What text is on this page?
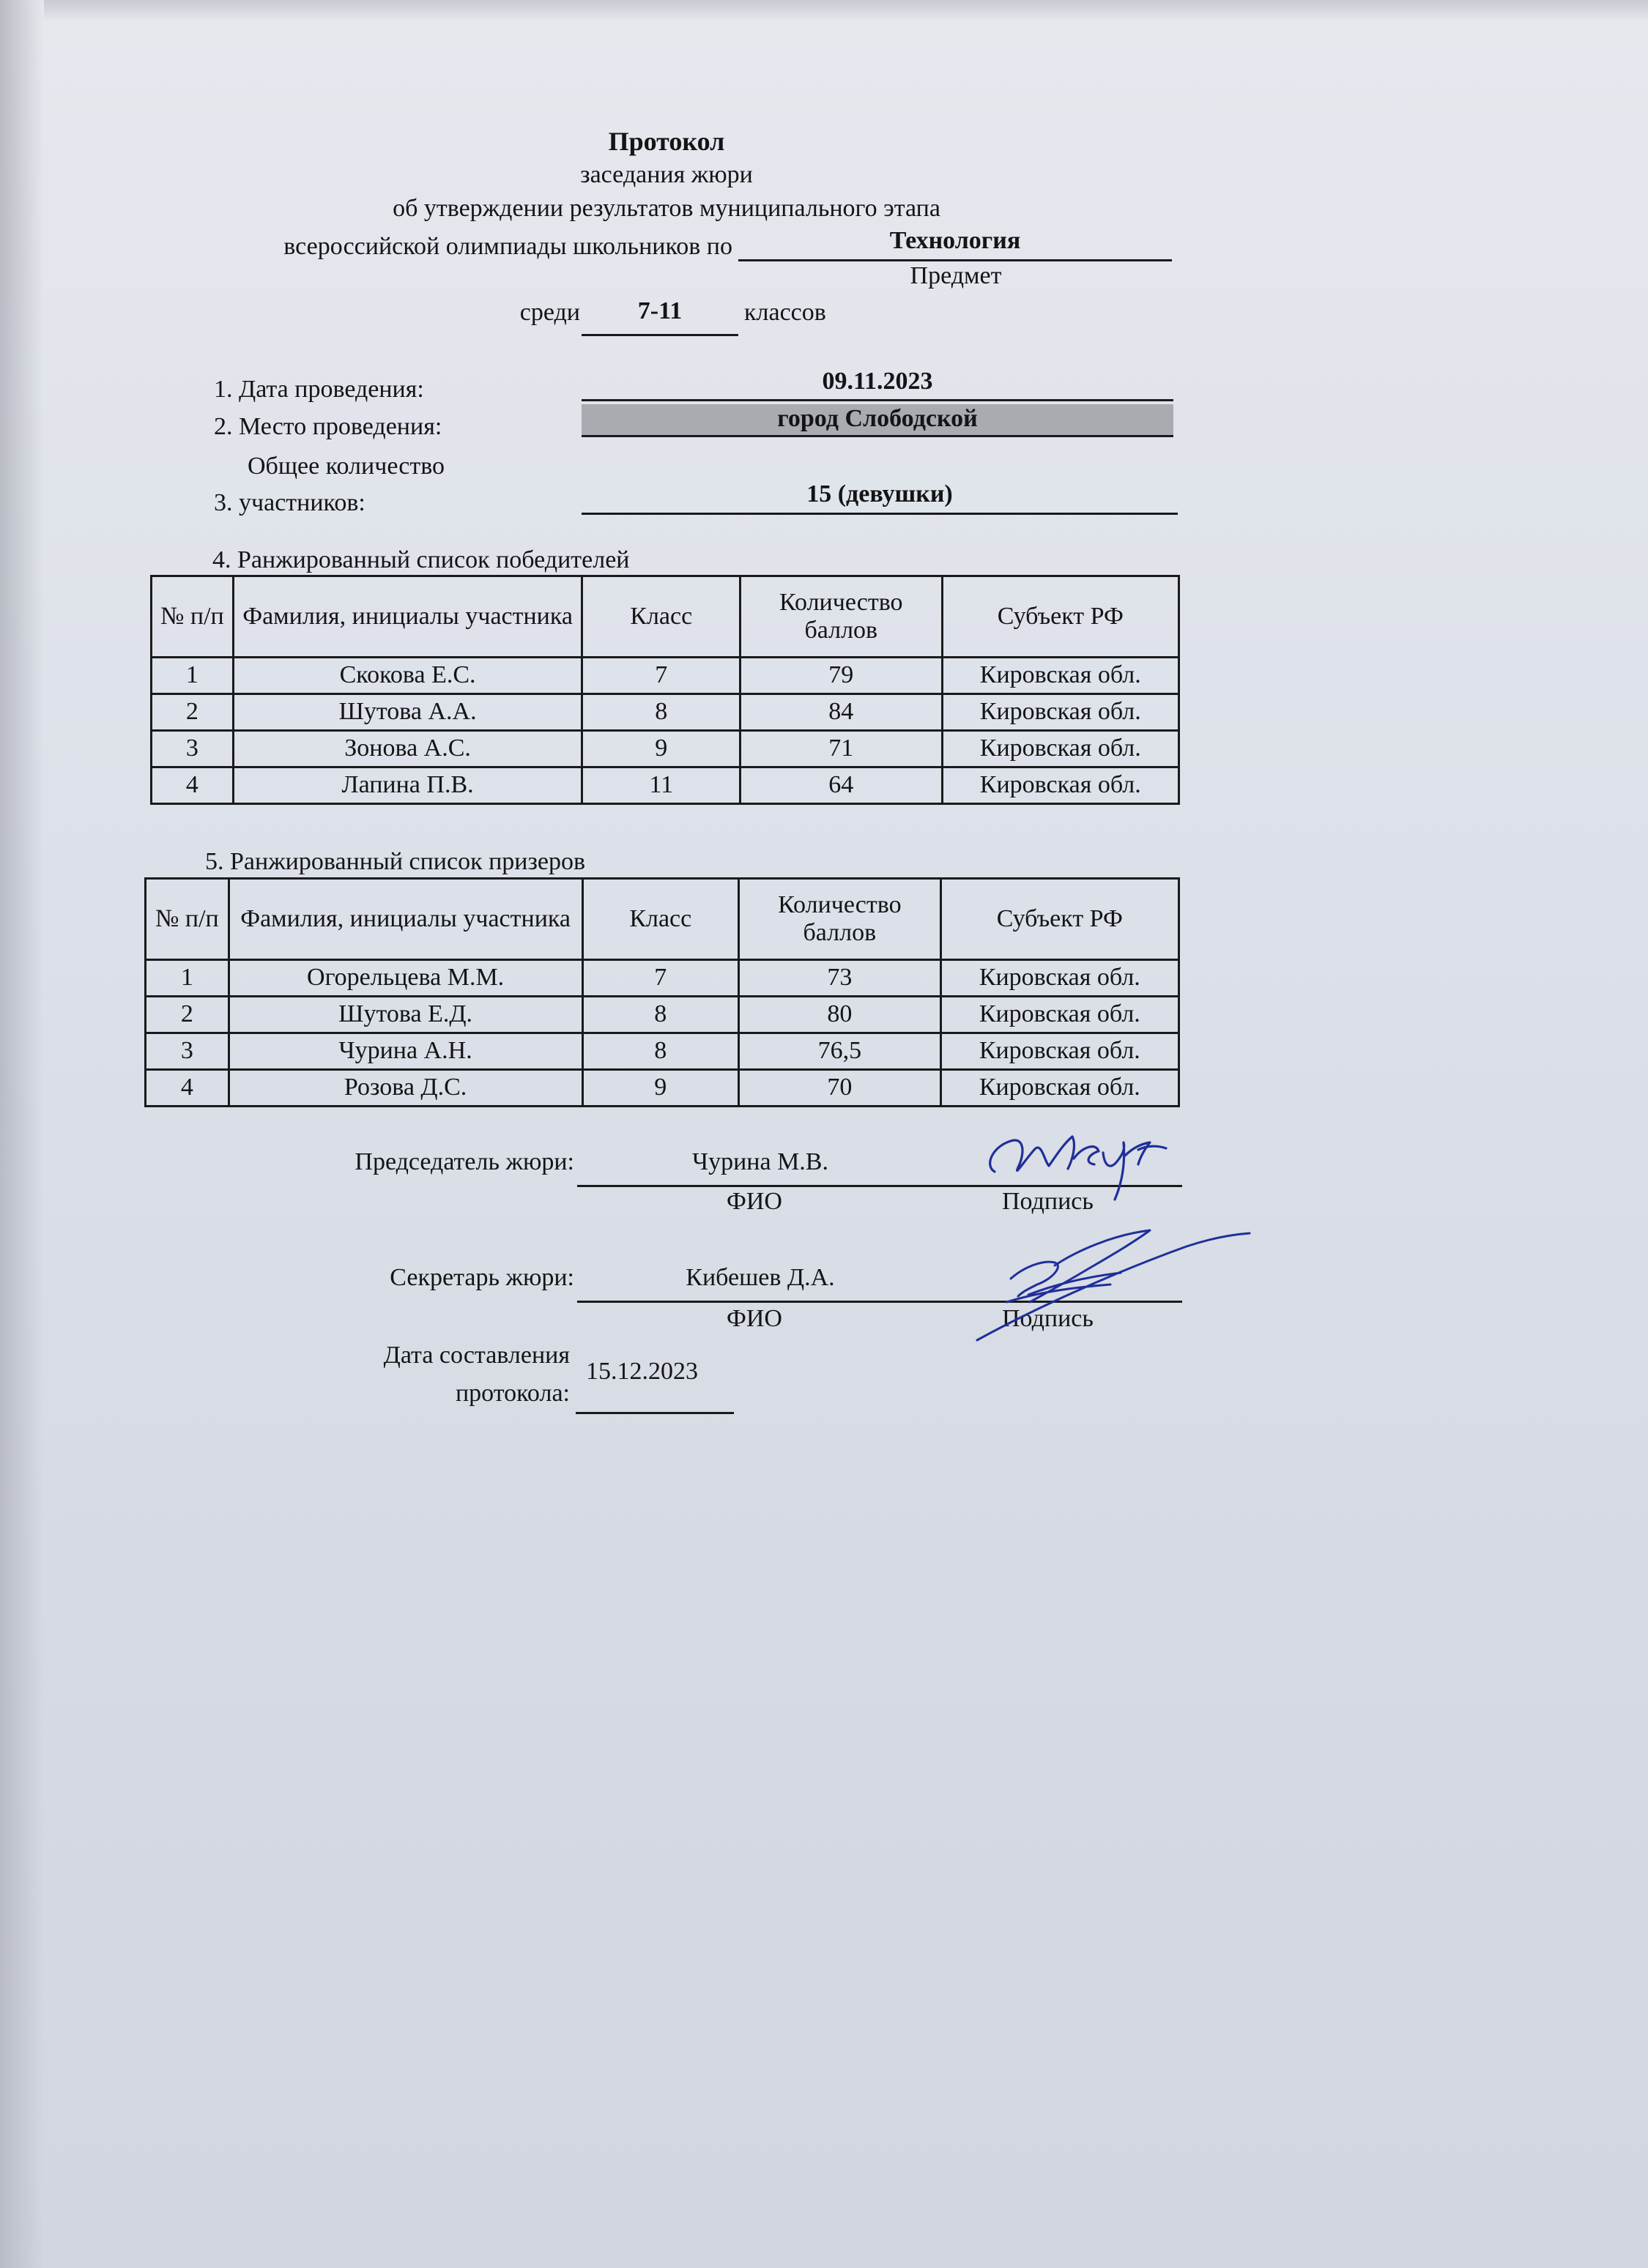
Протокол
заседания жюри
об утверждении результатов муниципального этапа
всероссийской олимпиады школьников по	Технология
Предмет
среди	7-11	классов
1. Дата проведения:	09.11.2023
2. Место проведения:	город Слободской
Общее количество
3. участников:	15 (девушки)
4. Ранжированный список победителей
№ п/п	Фамилия, инициалы участника	Класс	Количество баллов	Субъект РФ
1	Скокова Е.С.	7	79	Кировская обл.
2	Шутова А.А.	8	84	Кировская обл.
3	Зонова А.С.	9	71	Кировская обл.
4	Лапина П.В.	11	64	Кировская обл.
5. Ранжированный список призеров
№ п/п	Фамилия, инициалы участника	Класс	Количество баллов	Субъект РФ
1	Огорельцева М.М.	7	73	Кировская обл.
2	Шутова Е.Д.	8	80	Кировская обл.
3	Чурина А.Н.	8	76,5	Кировская обл.
4	Розова Д.С.	9	70	Кировская обл.
Председатель жюри:	Чурина М.В.
ФИО	Подпись
Секретарь жюри:	Кибешев Д.А.
ФИО	Подпись
Дата составления
протокола:
15.12.2023
